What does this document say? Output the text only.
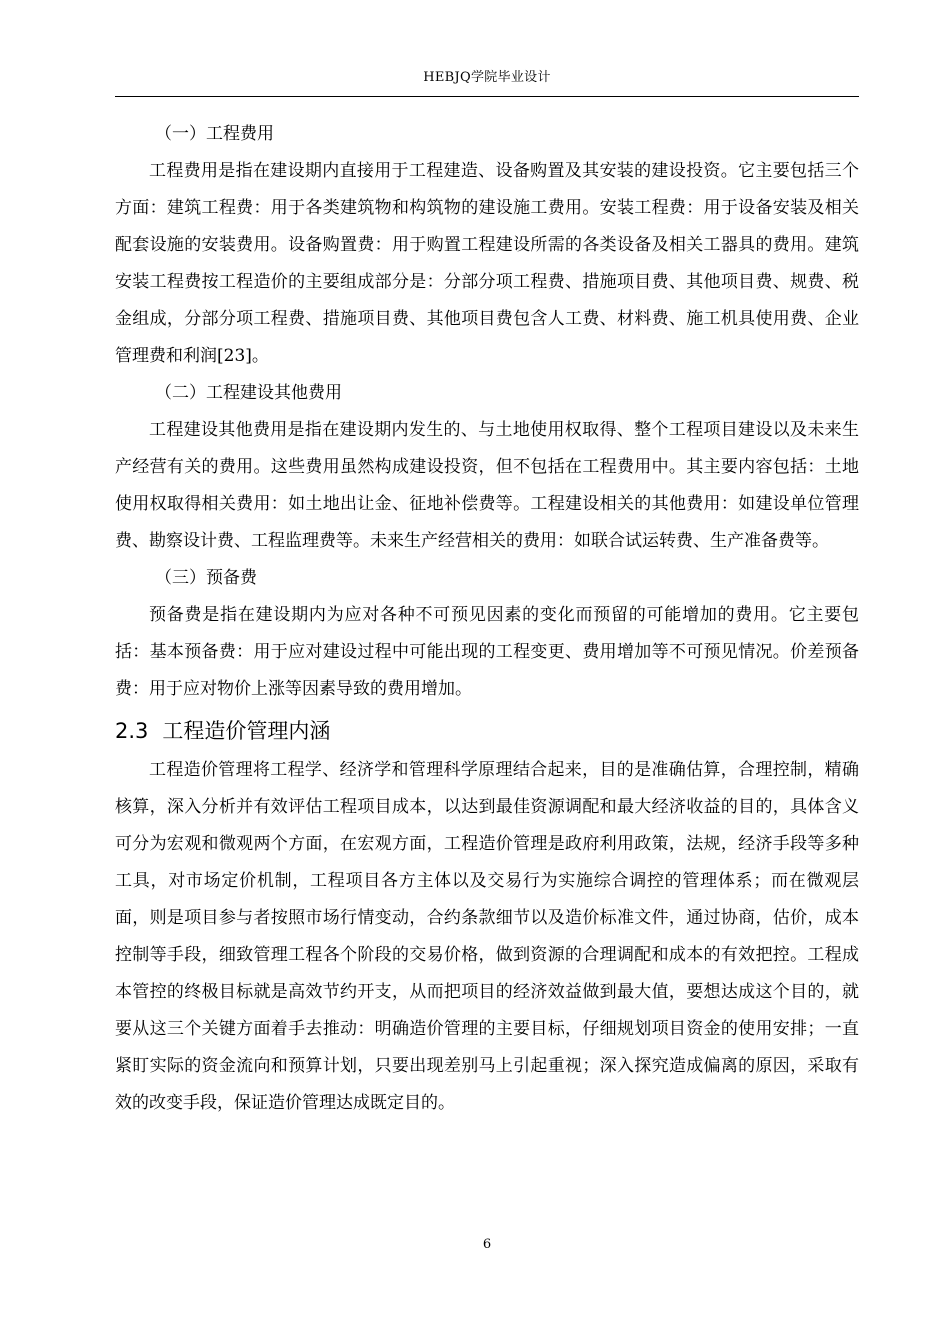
HEBJQ学院毕业设计
（一）工程费用

工程费用是指在建设期内直接用于工程建造、设备购置及其安装的建设投资。它主要包括三个方面：建筑工程费：用于各类建筑物和构筑物的建设施工费用。安装工程费：用于设备安装及相关配套设施的安装费用。设备购置费：用于购置工程建设所需的各类设备及相关工器具的费用。建筑安装工程费按工程造价的主要组成部分是：分部分项工程费、措施项目费、其他项目费、规费、税金组成，分部分项工程费、措施项目费、其他项目费包含人工费、材料费、施工机具使用费、企业管理费和利润[23]。

（二）工程建设其他费用

工程建设其他费用是指在建设期内发生的、与土地使用权取得、整个工程项目建设以及未来生产经营有关的费用。这些费用虽然构成建设投资，但不包括在工程费用中。其主要内容包括：土地使用权取得相关费用：如土地出让金、征地补偿费等。工程建设相关的其他费用：如建设单位管理费、勘察设计费、工程监理费等。未来生产经营相关的费用：如联合试运转费、生产准备费等。

（三）预备费

预备费是指在建设期内为应对各种不可预见因素的变化而预留的可能增加的费用。它主要包括：基本预备费：用于应对建设过程中可能出现的工程变更、费用增加等不可预见情况。价差预备费：用于应对物价上涨等因素导致的费用增加。

2.3 工程造价管理内涵

工程造价管理将工程学、经济学和管理科学原理结合起来，目的是准确估算，合理控制，精确核算，深入分析并有效评估工程项目成本，以达到最佳资源调配和最大经济收益的目的，具体含义可分为宏观和微观两个方面，在宏观方面，工程造价管理是政府利用政策，法规，经济手段等多种工具，对市场定价机制，工程项目各方主体以及交易行为实施综合调控的管理体系；而在微观层面，则是项目参与者按照市场行情变动，合约条款细节以及造价标准文件，通过协商，估价，成本控制等手段，细致管理工程各个阶段的交易价格，做到资源的合理调配和成本的有效把控。工程成本管控的终极目标就是高效节约开支，从而把项目的经济效益做到最大值，要想达成这个目的，就要从这三个关键方面着手去推动：明确造价管理的主要目标，仔细规划项目资金的使用安排；一直紧盯实际的资金流向和预算计划，只要出现差别马上引起重视；深入探究造成偏离的原因，采取有效的改变手段，保证造价管理达成既定目的。

6
